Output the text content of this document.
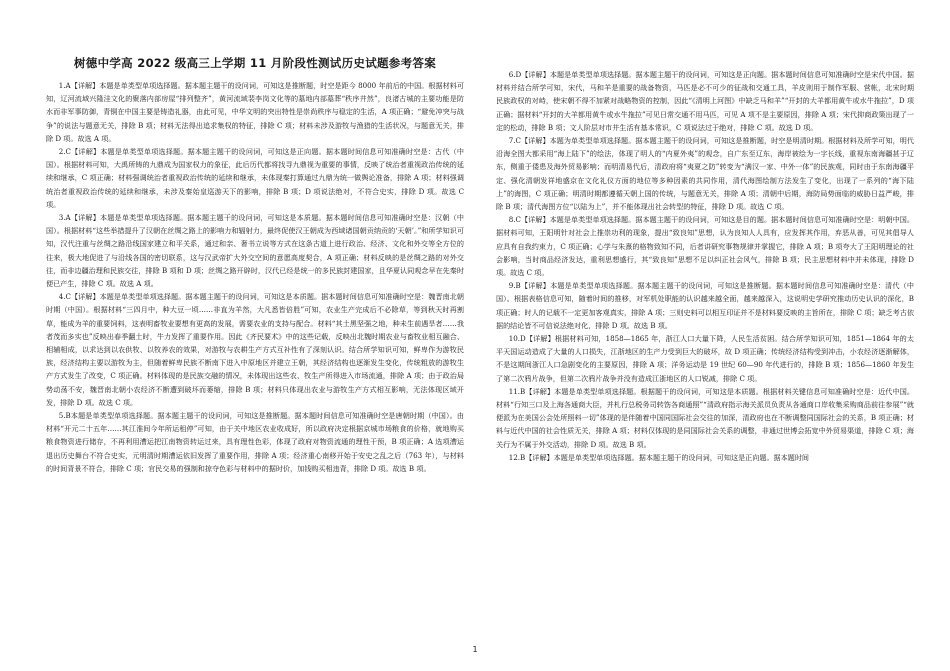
树德中学高 2022 级高三上学期 11 月阶段性测试历史试题参考答案

1.A【详解】本题是单类型单项选择题。据本题主题干的设问词，可知这是推断题，时空是距今 8000 年前后的中国。根据材料可知，辽河流域兴隆洼文化的聚落内部房屋“排列整齐”，黄河流域裴李岗文化等的墓地内部墓葬“秩序井然”，良渚古城的主要功能是防水而非军事防御，青铜在中国主要是铸造礼器，由此可见，中华文明的突出特性是崇尚秩序与稳定的生活，A 项正确；“避免冲突与战争”的说法与题意无关，排除 B 项；材料无法得出追求集权的特征，排除 C 项；材料未涉及游牧与渔猎的生活状况，与题意无关，排除 D 项。故选 A 项。

2.C【详解】本题是单类型单项选择题。据本题主题干的设问词，可知这是正向题。据本题时间信息可知准确时空是：古代（中国）。根据材料可知，大禹所铸的九鼎成为国家权力的象征，此后历代都将找寻九鼎视为重要的事情，反映了统治者重视政治传统的延续和继承，C 项正确；材料强调统治者重视政治传统的延续和继承，未体现秦打算通过九鼎为统一做舆论准备，排除 A 项；材料强调统治者重视政治传统的延续和继承，未涉及秦始皇巡游天下的影响，排除 B 项；D 项说法绝对，不符合史实，排除 D 项。故选 C 项。

3.A【详解】本题是单类型单项选择题。据本题主题干的设问词，可知这是本质题。据本题时间信息可知准确时空是：汉朝（中国）。根据材料“这些举措提升了汉朝在丝绸之路上的影响力和辐射力，最终促使汉王朝成为西域诸国朝贡纳贡的‘天朝’。”和所学知识可知，汉代注重与丝绸之路沿线国家建立和平关系，通过和亲、奢书立说等方式在这条古道上进行政治、经济、文化和外交等全方位的往来，极大地促进了与沿线各国的密切联系，这与汉武帝扩大外交空间的意愿高度契合，A 项正确；材料反映的是丝绸之路的对外交往，而非边疆治理和民族交往，排除 B 项和 D 项；丝绸之路开辟时，汉代已经是统一的多民族封建国家，且华夏认同观念早在先秦时便已产生，排除 C 项。故选 A 项。

4.C【详解】本题是单类型单项选择题。据本题主题干的设问词，可知这是本质题。据本题时间信息可知准确时空是：魏晋南北朝时期（中国）。根据材料“三四月中，种大豆一顷……非直为羊然，大凡悉皆倍胜”可知，农业生产完成后不必除草，等到秋天时再割草，能成为羊的重要饲料，这表明畜牧业要想有更高的发展，需要农业的支持与配合。材料“其土黑坚强之地，种未生前遇旱者……我者茂而多实也”反映出春季翻土时，牛力发挥了重要作用。因此《齐民要术》中的这些记载，反映出北魏时期农业与畜牧业相互融合、相辅相成，以求达到以农供牧、以牧养农的效果，对游牧与农耕生产方式互补性有了深刻认识。结合所学知识可知，鲜卑作为游牧民族，经济结构主要以游牧为主，但随着鲜卑民族不断南下进入中原地区并建立王朝，其经济结构也逐渐发生变化，传统粗放的游牧生产方式发生了改变，C 项正确。材料体现的是民族交融的情况，未体现出这些农、牧生产所得进入市场流通，排除 A 项；由于政治局势动荡不安，魏晋南北朝小农经济不断遭到破坏而萎缩，排除 B 项；材料只体现出农业与游牧生产方式相互影响，无法体现区域开发，排除 D 项。故选 C 项。

5.B本题是单类型单项选择题。据本题主题干的设问词，可知这是推断题。据本题时间信息可知准确时空是唐朝时期（中国）。由材料“开元二十五年……其江淮间今年所运租停”可知，由于关中地区农业收成好，所以政府决定根据京城市场粮食的价格，就地购买粮食物资进行储存，不再利用漕运把江南物资转运过来，具有理性色彩，体现了政府对物资流通的理性干预，B 项正确；A 选项漕运退出历史舞台不符合史实，元明清时期漕运依旧发挥了重要作用，排除 A 项；经济重心南移开始于安史之乱之后（763 年），与材料的时间背景不符合，排除 C 项；官民交易的强制和掠夺色彩与材料中的据时价，加钱购买相违背，排除 D 项。故选 B 项。

6.D【详解】本题是单类型单项选择题。据本题主题干的设问词，可知这是正向题。据本题时间信息可知准确时空是宋代中国。据材料并结合所学可知，宋代，马和羊是重要的战备物资，马匹是必不可少的征战和交通工具，羊皮则用于制作军服、营帐，北宋时期民族政权的对峙，使宋朝不得不加紧对战略物资的控制，因此“《清明上河图》中缺乏马和羊”“开封的大羊都用黄牛或水牛拖拉”，D 项正确；据材料“开封的大羊都用黄牛或水牛拖拉”可见日常交通不用马匹，可见 A 项不是主要原因，排除 A 项；宋代抑商政策出现了一定的松动，排除 B 项；文人阶层对市井生活有基本常识，C 项说法过于绝对，排除 C 项。故选 D 项。

7.C【详解】本题为单类型单项选择题。据本题主题干的设问词，可知这是推断题，时空是明清时期。根据材料及所学可知，明代沿海全图大都采用“海上陆下”的绘法，体现了明人的“内夏外夷”的观念，自广东至辽东，海岸被绘为一字长线，重视东南海疆甚于辽东，侧重于倭患及海外贸易影响；而明清易代后，清政府将“夷夏之防”转变为“满汉一家、中外一体”的民族观，同时由于东南海疆平定、强化清朝发祥地盛京在文化礼仪方面的地位等多种因素的共同作用，清代海图绘制方法发生了变化，出现了一系列的“海下陆上”的海图，C 项正确；明清时期都遵循天朝上国的传统，与题意无关，排除 A 项；清朝中后期，海防局势面临的威胁日益严峻，排除 B 项；清代海图方位“以陆为上”，并不能体现出社会转型的特征，排除 D 项。故选 C 项。

8.C【详解】本题是单类型单项选择题。据本题主题干的设问词，可知这是目的题。据本题时间信息可知准确时空是：明朝中国。据材料可知，王阳明针对社会上推崇功利的现象，提出“致良知”思想，认为良知人人具有，应发挥其作用，弃恶从善，可见其倡导人应具有自我约束力，C 项正确；心学与朱熹的格物致知不同，后者讲研究事物规律并掌握它，排除 A 项；B 项夸大了王阳明理论的社会影响，当时商品经济发达，重利思想盛行，其“致良知”思想不足以纠正社会风气，排除 B 项；民主思想材料中并未体现，排除 D 项。故选 C 项。

9.B【详解】本题是单类型单项选择题。据本题主题干的设问词，可知这是推断题。据本题时间信息可知准确时空是：清代（中国）。根据表格信息可知，随着时间的推移，对军机处职能的认识越来越全面，越来越深入，这说明史学研究推动历史认识的深化，B 项正确；时人的记载不一定更加客观真实，排除 A 项；三则史料可以相互印证并不是材料要反映的主旨所在，排除 C 项；缺乏考古依据的结论皆不可信说法绝对化，排除 D 项。故选 B 项。

10.D【详解】根据材料可知，1858—1865 年，浙江人口大量下降，人民生活贫困。结合所学知识可知，1851—1864 年的太平天国运动造成了大量的人口损失，江浙地区的生产力受到巨大的破坏，故 D 项正确；传统经济结构受到冲击，小农经济逐渐解体，不是这期间浙江人口急剧变化的主要原因，排除 A 项；洋务运动是 19 世纪 60—90 年代进行的，排除 B 项；1856—1860 年发生了第二次鸦片战争，但第二次鸦片战争并没有造成江浙地区的人口锐减，排除 C 项。

11.B【详解】本题是单类型单项选择题。根据题干的设问词，可知这是本质题。根据材料关键信息可知准确时空是：近代中国。材料“行知三口及上海各通商大臣，并札行总税务司转饬各商通照”“清政府指示海关派员负责从各通商口岸收集采购商品前往参展”“就便派为在美国公会处所照料一切”体现的是伴随着中国同国际社会交往的加深，清政府也在不断调整同国际社会的关系，B 项正确；材料与近代中国的社会性质无关，排除 A 项；材料仅体现的是同国际社会关系的调整，非通过世博会拓宽中外贸易渠道，排除 C 项；海关行为不属于外交活动，排除 D 项。故选 B 项。

12.B【详解】本题是单类型单项选择题。据本题主题干的设问词，可知这是正向题。据本题时间

1
